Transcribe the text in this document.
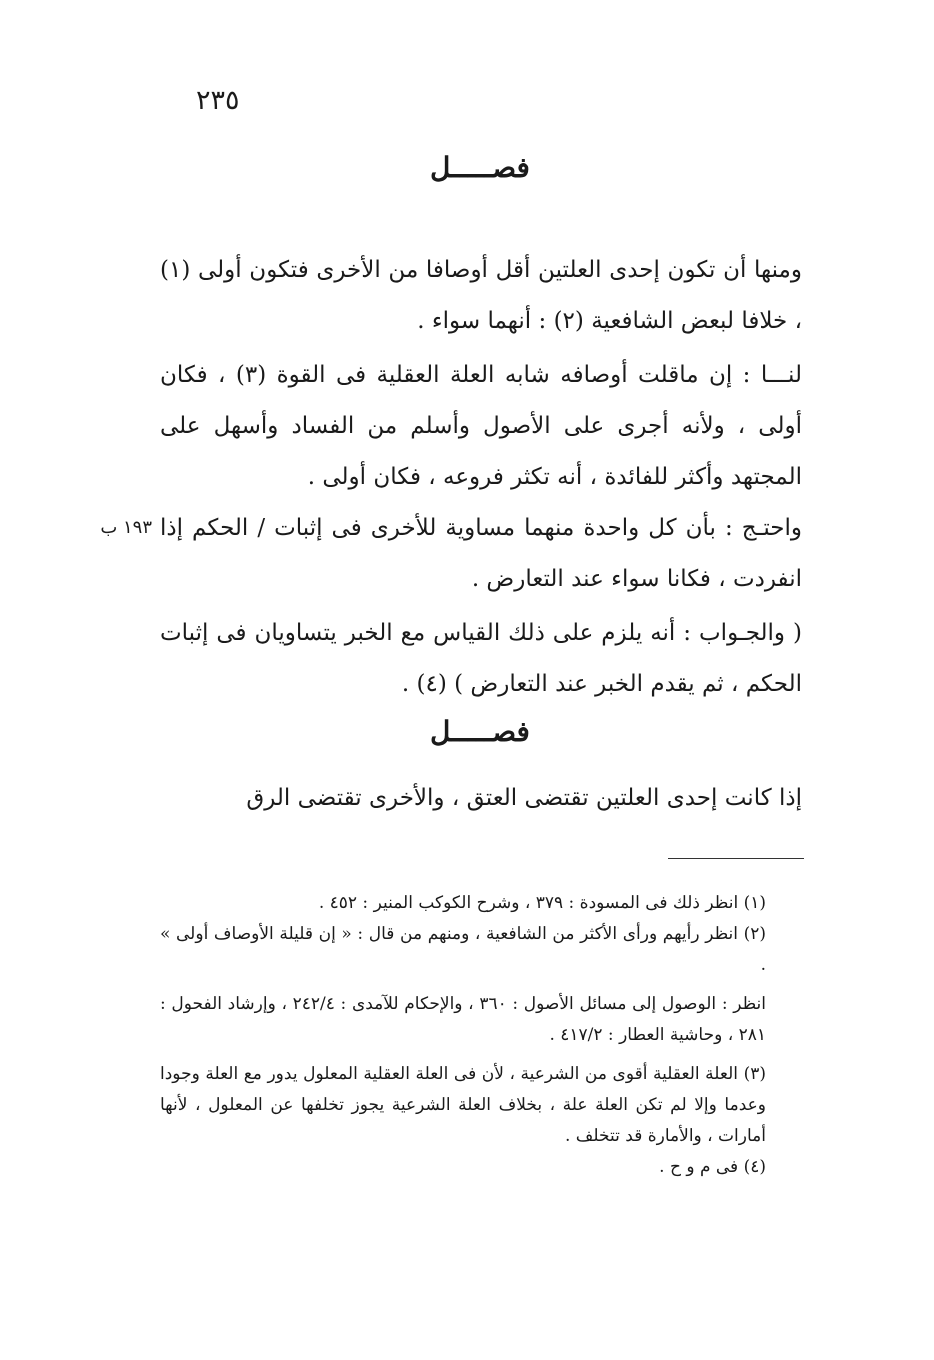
٢٣٥
فصـــــل

ومنها أن تكون إحدى العلتين أقل أوصافا من الأخرى فتكون أولى (١) ، خلافا لبعض الشافعية (٢) : أنهما سواء .

لنـــا : إن ماقلت أوصافه شابه العلة العقلية فى القوة (٣) ، فكان أولى ، ولأنه أجرى على الأصول وأسلم من الفساد وأسهل على المجتهد وأكثر للفائدة ، أنه تكثر فروعه ، فكان أولى .

واحتـج : بأن كل واحدة منهما مساوية للأخرى فى إثبات / الحكم إذا انفردت ، فكانا سواء عند التعارض .

١٩٣ ب

( والجـواب : أنه يلزم على ذلك القياس مع الخبر يتساويان فى إثبات الحكم ، ثم يقدم الخبر عند التعارض ) (٤) .

فصـــــل

إذا كانت إحدى العلتين تقتضى العتق ، والأخرى تقتضى الرق

(١) انظر ذلك فى المسودة : ٣٧٩ ، وشرح الكوكب المنير : ٤٥٢ .

(٢) انظر رأيهم ورأى الأكثر من الشافعية ، ومنهم من قال : « إن قليلة الأوصاف أولى » .

انظر : الوصول إلى مسائل الأصول : ٣٦٠ ، والإحكام للآمدى : ٢٤٢/٤ ، وإرشاد الفحول : ٢٨١ ، وحاشية العطار : ٤١٧/٢ .

(٣) العلة العقلية أقوى من الشرعية ، لأن فى العلة العقلية المعلول يدور مع العلة وجودا وعدما وإلا لم تكن العلة علة ، بخلاف العلة الشرعية يجوز تخلفها عن المعلول ، لأنها أمارات ، والأمارة قد تتخلف .

(٤) فى م و ح .
